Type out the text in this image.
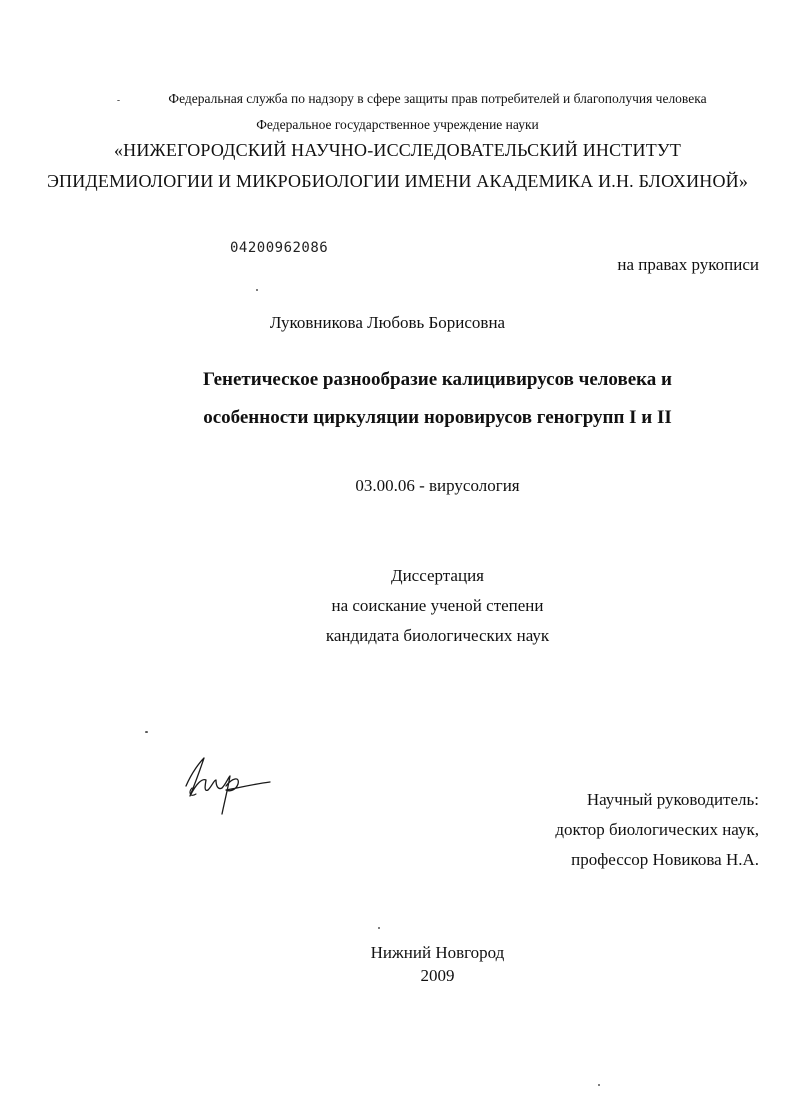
Федеральная служба по надзору в сфере защиты прав потребителей и благополучия человека
Федеральное государственное учреждение науки
«НИЖЕГОРОДСКИЙ НАУЧНО-ИССЛЕДОВАТЕЛЬСКИЙ ИНСТИТУТ
ЭПИДЕМИОЛОГИИ И МИКРОБИОЛОГИИ ИМЕНИ АКАДЕМИКА И.Н. БЛОХИНОЙ»
04200962086
на правах рукописи
Луковникова Любовь Борисовна
Генетическое разнообразие калицивирусов человека и
особенности циркуляции норовирусов геногрупп I и II
03.00.06 - вирусология
Диссертация
на соискание ученой степени
кандидата биологических наук
Научный руководитель:
доктор биологических наук,
профессор Новикова Н.А.
Нижний Новгород
2009
